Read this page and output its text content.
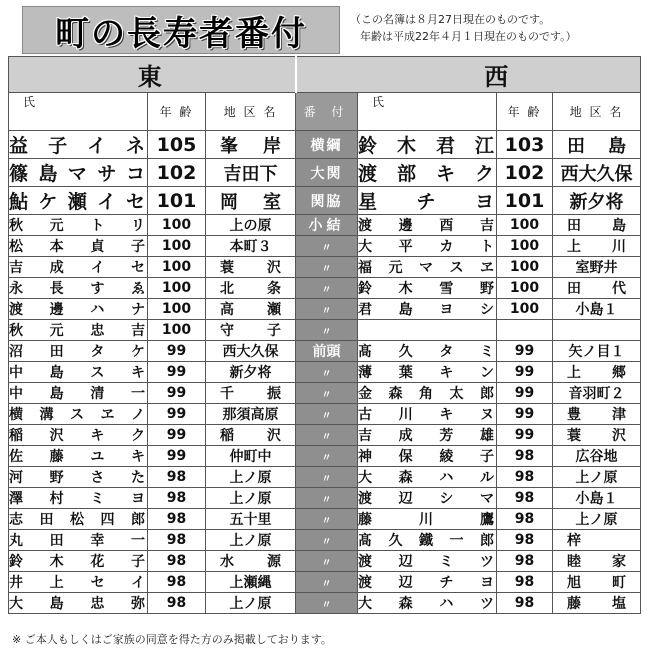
町の長寿者番付	（この名簿は８月27日現在のものです。
年齢は平成22年４月１日現在のものです。）
東			西			

氏	年 齢	地 区 名	番 付	氏	年 齢	地 区 名
益子イネ	105	峯岸	横綱	鈴木君江	103	田島
篠島マサコ	102	吉田下	大関	渡部キク	102	西大久保
鮎ケ瀬イセ	101	岡室	関脇	星チヨ	101	新夕将
秋元トリ	100	上の原	小結	渡邊酉吉	100	田島
松本貞子	100	本町３	〃	大平カト	100	上川
吉成イセ	100	蓑沢	〃	福元マスヱ	100	室野井
永長すゑ	100	北条	〃	鈴木雪野	100	田代
渡邊ハナ	100	高瀬	〃	君島ヨシ	100	小島１
秋元忠吉	100	守子	〃			
沼田タケ	99	西大久保	前頭	髙久タミ	99	矢ノ目１
中島スキ	99	新夕将	〃	薄葉キン	99	上郷
中島清一	99	千振	〃	金森角太郎	99	音羽町２
横溝スヱノ	99	那須高原	〃	古川キヌ	99	豊津
稲沢キク	99	稲沢	〃	吉成芳雄	99	蓑沢
佐藤ユキ	99	仲町中	〃	神保綾子	98	広谷地
河野さた	98	上ノ原	〃	大森ハル	98	上ノ原
澤村ミヨ	98	上ノ原	〃	渡辺シマ	98	小島１
志田松四郎	98	五十里	〃	藤川鷹	98	上ノ原
丸田幸一	98	上ノ原	〃	髙久鐵一郎	98	梓
鈴木花子	98	水源	〃	渡辺ミツ	98	睦家
井上セイ	98	上瀬縄	〃	渡辺チヨ	98	旭町
大島忠弥	98	上ノ原	〃	大森ハツ	98	藤塩
※ ご本人もしくはご家族の同意を得た方のみ掲載しております。
